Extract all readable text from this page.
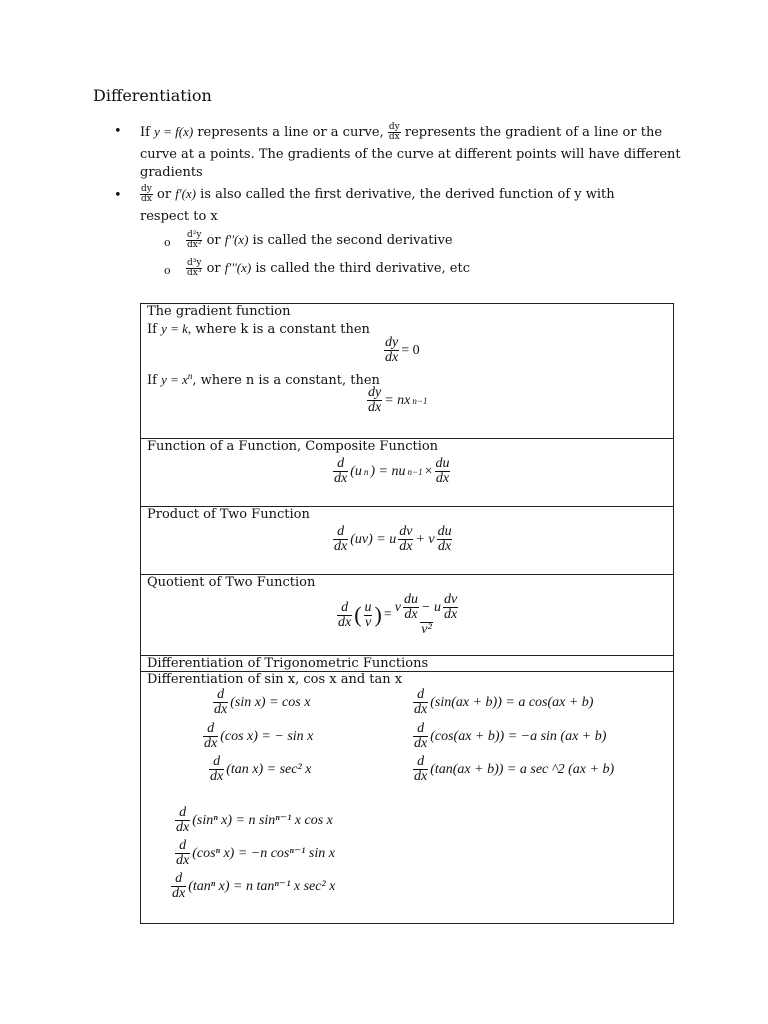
Differentiation
• If y = f(x) represents a line or a curve, $\frac{dy}{dx}$ represents the gradient of a line or the
curve at a points. The gradients of the curve at different points will have different
gradients
• $\frac{dy}{dx}$ or f'(x) is also called the first derivative, the derived function of y with
respect to x
o $\frac{\text{d²y}}{\text{dx²}}$ or f''(x) is called the second derivative
o $\frac{\text{d³y}}{\text{dx³}}$ or f'''(x) is called the third derivative, etc
The gradient function
If y = k, where k is a constant then
$\frac{dy}{dx} = 0$
If $y = x^n$, where n is a constant, then
$\frac{dy}{dx}$ = nx n−1
Function of a Function, Composite Function
$\frac{d}{dx} (u$ n ) = nu $n-1 \times \frac{du}{dx}$
Product of Two Function
$\frac{d}{dx} (uv) = u \frac{dv}{dx} + v \frac{du}{dx}$
Quotient of Two Function
$\frac{d}{dx}$ ( $\frac{u}{v}$ ) = $\frac{v \frac{du}{dx} - u \frac{dv}{dx}}{\text{v²}}$
Differentiation of Trigonometric Functions
Differentiation of sin x, cos x and tan x
$\frac{d}{dx} (\sin$ x) = cos x
$\frac{d}{dx} (\cos$ x) = − sin x
$\frac{d}{dx} (\tan$ x) = sec² x
$\frac{d}{dx} (\sin(ax + b)) = a$ cos(ax + b)
$\frac{d}{dx} (\cos(ax + b)) = -a$ sin (ax + b)
$\frac{d}{dx} (\tan(ax + b)) = a$ sec ^2 (ax + b)
$\frac{d}{dx} (\sin^n$ x) = n sinⁿ⁻¹ x cos x
$\frac{d}{dx} (\cos^n$ x) = −n cosⁿ⁻¹ sin x
$\frac{d}{dx} (\tan^n$ x) = n tanⁿ⁻¹ x sec² x
